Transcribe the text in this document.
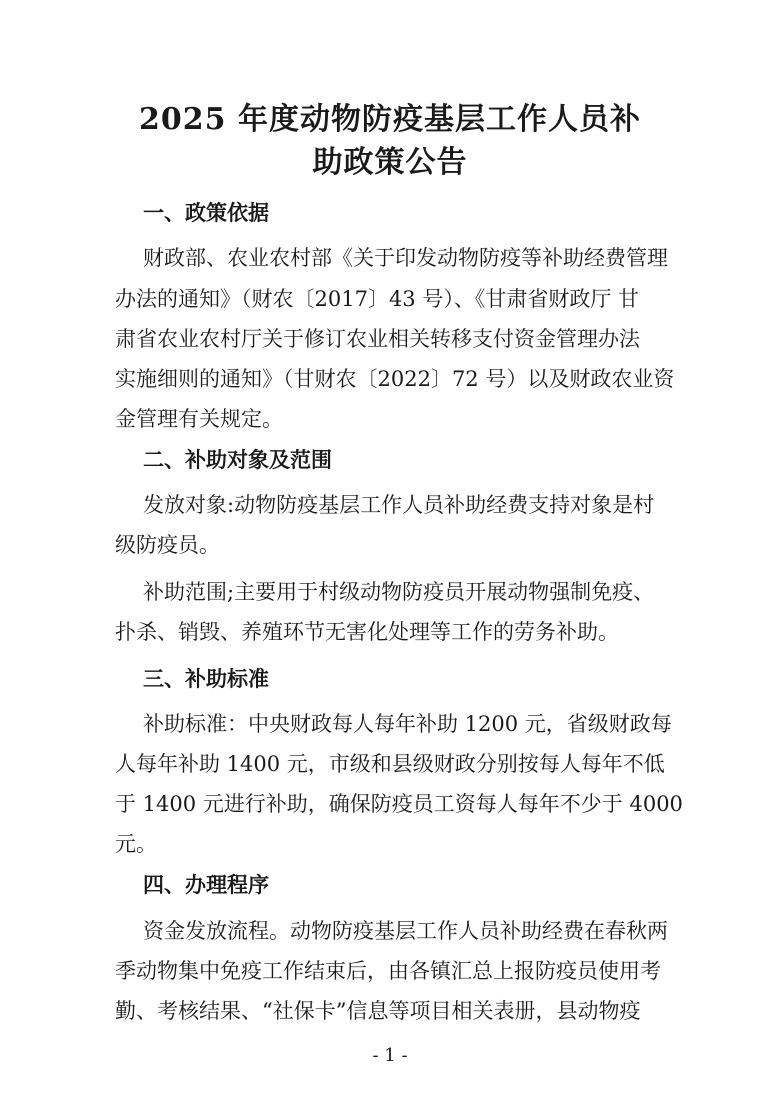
2025 年度动物防疫基层工作人员补
助政策公告
一、政策依据
财政部、农业农村部《关于印发动物防疫等补助经费管理
办法的通知》（财农〔2017〕43 号）、《甘肃省财政厅 甘
肃省农业农村厅关于修订农业相关转移支付资金管理办法
实施细则的通知》（甘财农〔2022〕72 号）以及财政农业资
金管理有关规定。
二、补助对象及范围
发放对象:动物防疫基层工作人员补助经费支持对象是村
级防疫员。
补助范围;主要用于村级动物防疫员开展动物强制免疫、
扑杀、销毁、养殖环节无害化处理等工作的劳务补助。
三、补助标准
补助标准：中央财政每人每年补助 1200 元，省级财政每
人每年补助 1400 元，市级和县级财政分别按每人每年不低
于 1400 元进行补助，确保防疫员工资每人每年不少于 4000
元。
四、办理程序
资金发放流程。动物防疫基层工作人员补助经费在春秋两
季动物集中免疫工作结束后，由各镇汇总上报防疫员使用考
勤、考核结果、“社保卡”信息等项目相关表册，县动物疫
- 1 -
